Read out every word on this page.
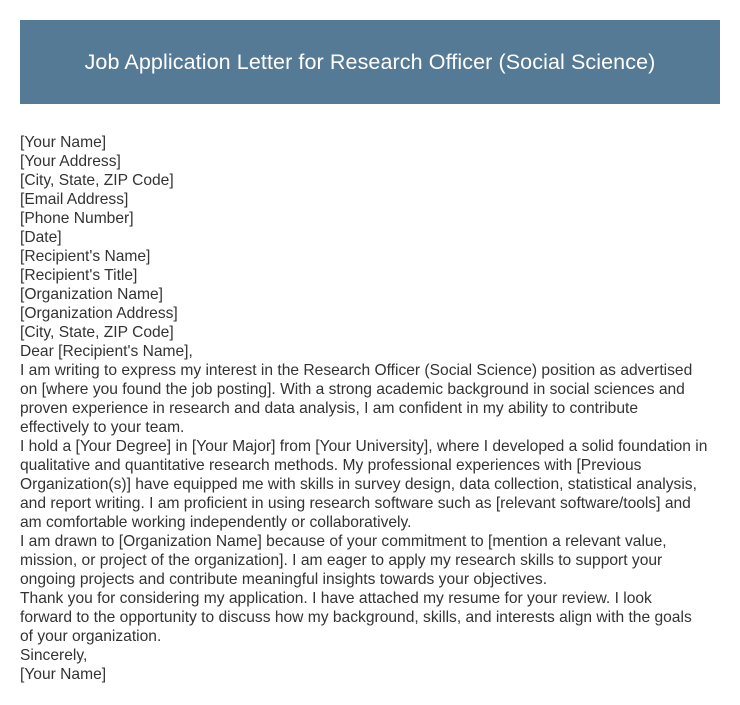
Job Application Letter for Research Officer (Social Science)
[Your Name]
[Your Address]
[City, State, ZIP Code]
[Email Address]
[Phone Number]
[Date]
[Recipient's Name]
[Recipient's Title]
[Organization Name]
[Organization Address]
[City, State, ZIP Code]
Dear [Recipient's Name],
I am writing to express my interest in the Research Officer (Social Science) position as advertised
on [where you found the job posting]. With a strong academic background in social sciences and
proven experience in research and data analysis, I am confident in my ability to contribute
effectively to your team.
I hold a [Your Degree] in [Your Major] from [Your University], where I developed a solid foundation in
qualitative and quantitative research methods. My professional experiences with [Previous
Organization(s)] have equipped me with skills in survey design, data collection, statistical analysis,
and report writing. I am proficient in using research software such as [relevant software/tools] and
am comfortable working independently or collaboratively.
I am drawn to [Organization Name] because of your commitment to [mention a relevant value,
mission, or project of the organization]. I am eager to apply my research skills to support your
ongoing projects and contribute meaningful insights towards your objectives.
Thank you for considering my application. I have attached my resume for your review. I look
forward to the opportunity to discuss how my background, skills, and interests align with the goals
of your organization.
Sincerely,
[Your Name]
